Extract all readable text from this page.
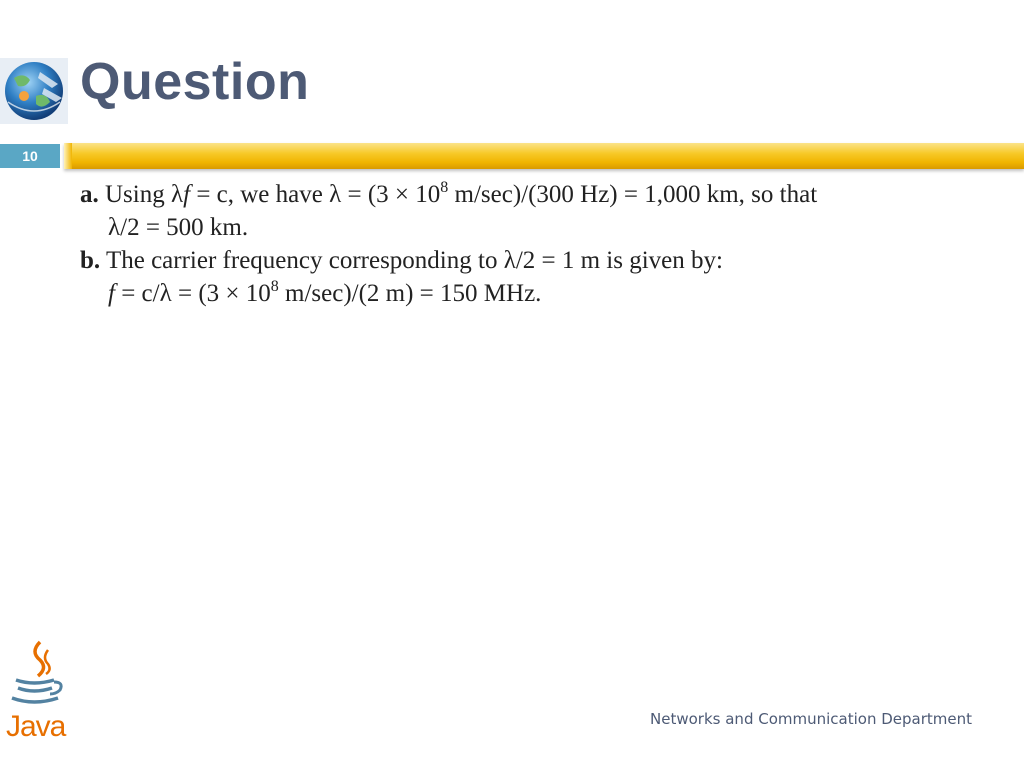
Question
10
a. Using λf = c, we have $\lambda = (3 \times 10^8$ m/sec)/(300 Hz) = 1,000 km, so that
λ/2 = 500 km.
b. The carrier frequency corresponding to λ/2 = 1 m is given by:
$f = c/\lambda = (3 \times 10^8$ m/sec)/(2 m) = 150 MHz.
Java	Networks and Communication Department
